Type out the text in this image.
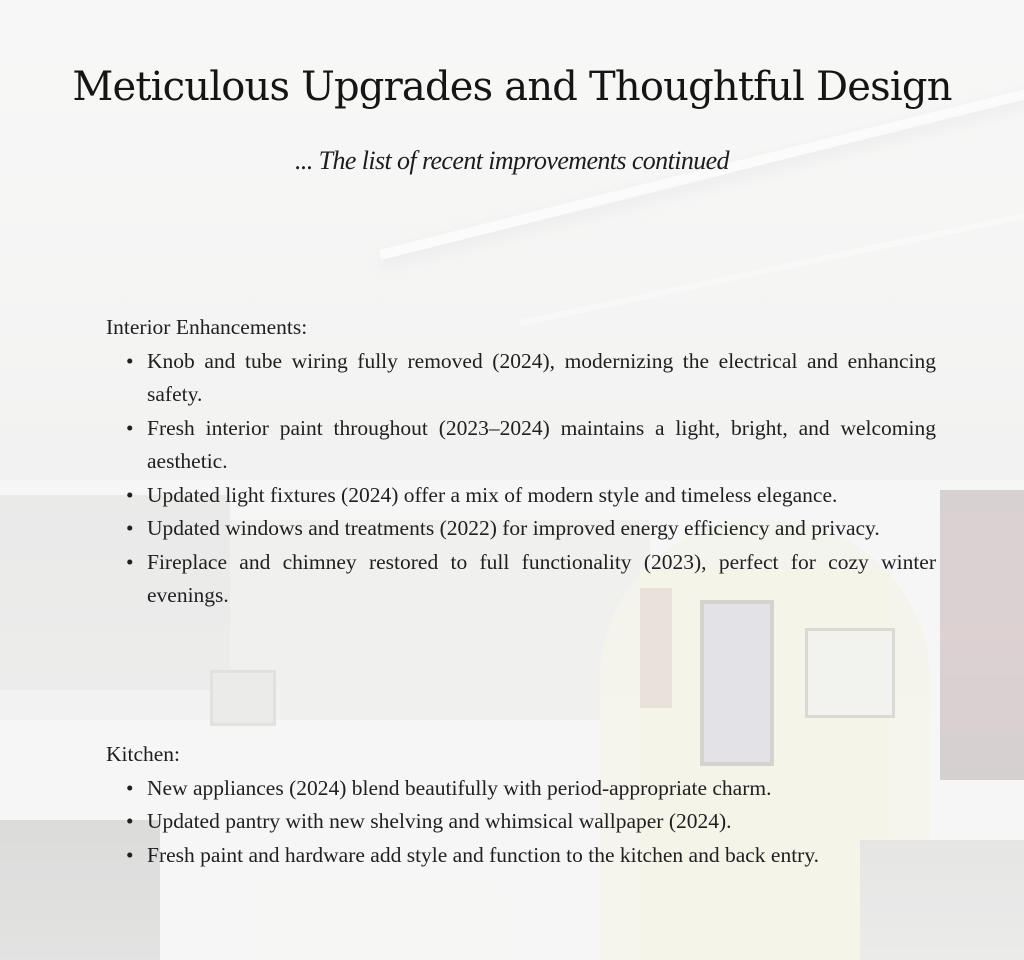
Meticulous Upgrades and Thoughtful Design

... The list of recent improvements continued

Interior Enhancements:

• Knob and tube wiring fully removed (2024), modernizing the electrical and enhancing safety.
• Fresh interior paint throughout (2023–2024) maintains a light, bright, and welcoming aesthetic.
• Updated light fixtures (2024) offer a mix of modern style and timeless elegance.
• Updated windows and treatments (2022) for improved energy efficiency and privacy.
• Fireplace and chimney restored to full functionality (2023), perfect for cozy winter evenings.

Kitchen:

• New appliances (2024) blend beautifully with period-appropriate charm.
• Updated pantry with new shelving and whimsical wallpaper (2024).
• Fresh paint and hardware add style and function to the kitchen and back entry.
